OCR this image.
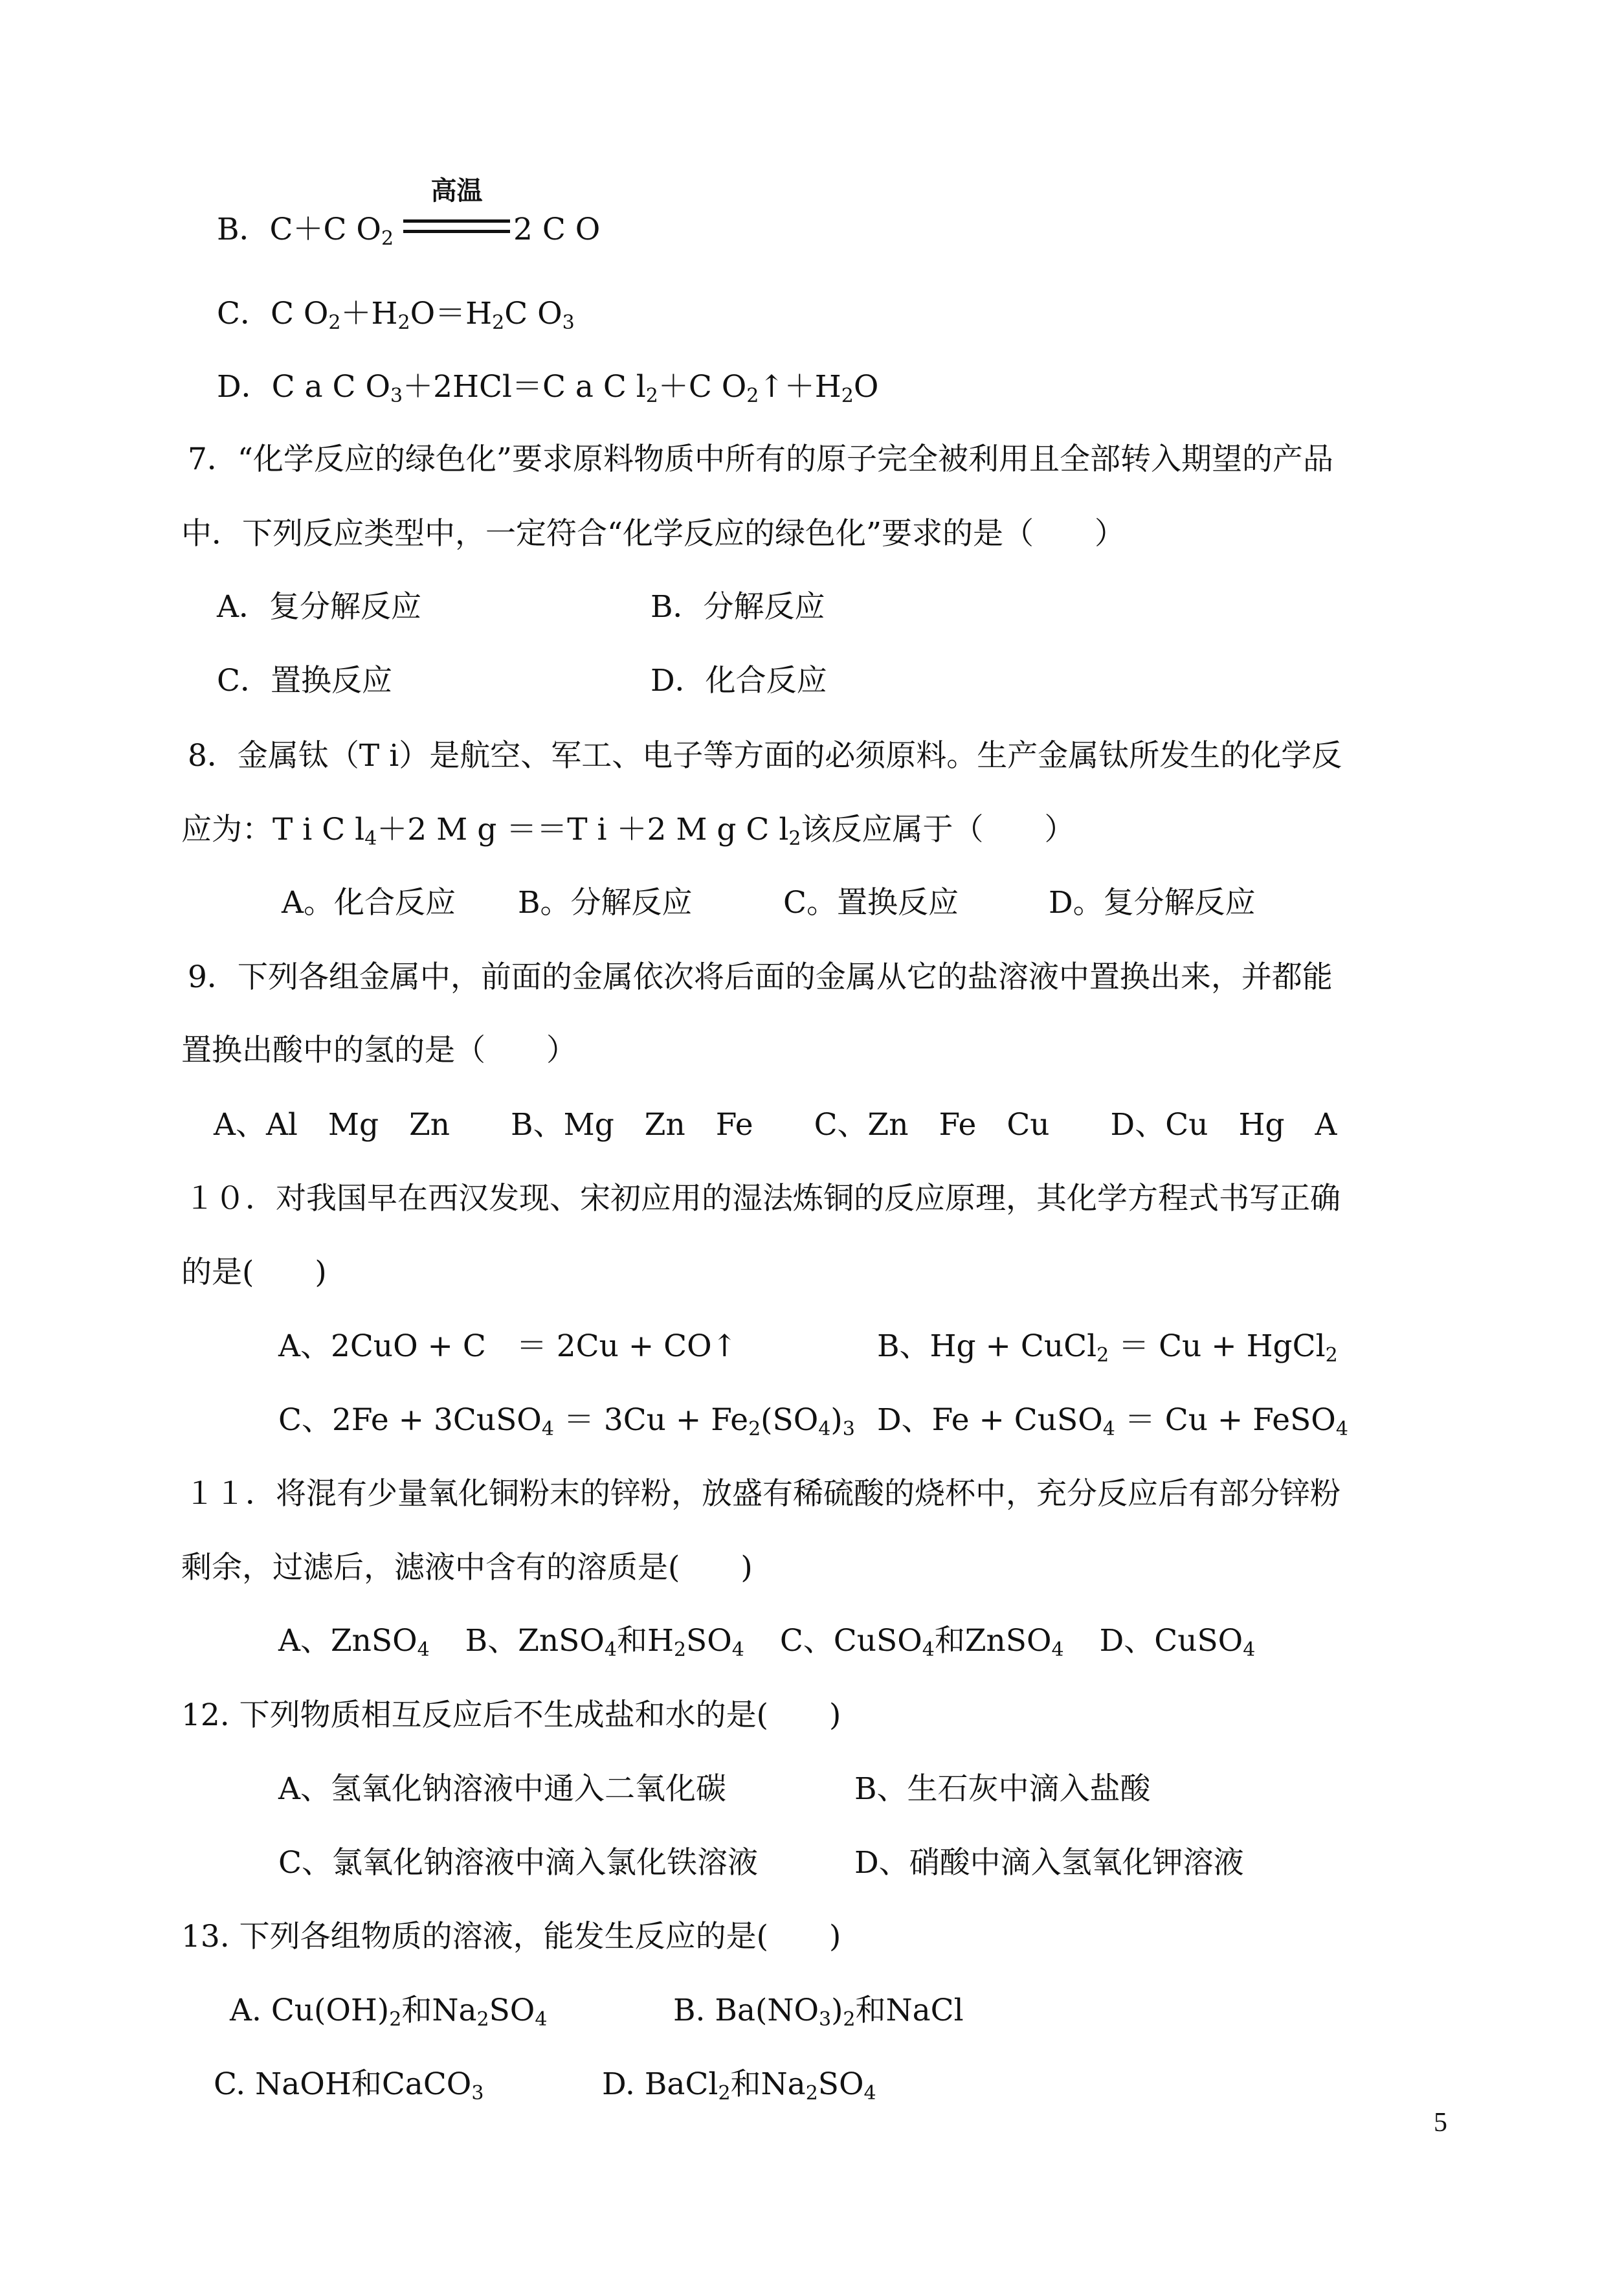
B．C＋C $O_2$
高温
2 C O
C．C $O_2+H_2O=H_2C$ $O_3$
D．C a C $O_3+2HCl=C$ a C $l_2+C$ $O_2↑+H_2O$
7．“化学反应的绿色化”要求原料物质中所有的原子完全被利用且全部转入期望的产品
中．下列反应类型中，一定符合“化学反应的绿色化”要求的是（　　）
A．复分解反应	B．分解反应
C．置换反应	D．化合反应
8．金属钛（T i）是航空、军工、电子等方面的必须原料。生产金属钛所发生的化学反
应为：T i C $l_4+2$ M g ＝＝T i ＋2 M g C $l_2$该反应属于（　　）
A。化合反应 B。分解反应	C。置换反应	D。复分解反应
9．下列各组金属中，前面的金属依次将后面的金属从它的盐溶液中置换出来，并都能
置换出酸中的氢的是（　　）
A、Al　Mg　Zn　　B、Mg　Zn　Fe　　C、Zn　Fe　Cu　　D、Cu　Hg　A
１０．对我国早在西汉发现、宋初应用的湿法炼铜的反应原理，其化学方程式书写正确
的是(　　)
A、2CuO + C　＝ 2Cu + CO↑	B、Hg + CuCl$_2$ ＝ Cu + HgCl$_2$
C、2Fe + 3CuSO$_4$ ＝ $3Cu + Fe_2(SO_4)_3$ D、Fe + CuSO$_4$ ＝ Cu + FeSO$_4$
１１．将混有少量氧化铜粉末的锌粉，放盛有稀硫酸的烧杯中，充分反应后有部分锌粉
剩余，过滤后，滤液中含有的溶质是(　　)
A、ZnSO$_4$ B、ZnSO$_4$和$H_2SO_4$ C、CuSO$_4$和ZnSO$_4$ D、CuSO$_4$
12. 下列物质相互反应后不生成盐和水的是(　　)
A、氢氧化钠溶液中通入二氧化碳	B、生石灰中滴入盐酸
C、氯氧化钠溶液中滴入氯化铁溶液	D、硝酸中滴入氢氧化钾溶液
13. 下列各组物质的溶液，能发生反应的是(　　)
A. $Cu(OH)_2$和$Na_2SO_4$	B. $Ba(NO_3)_2$和NaCl
C. NaOH和CaCO$_3$	D. BaCl$_2$和$Na_2SO_4$
5
